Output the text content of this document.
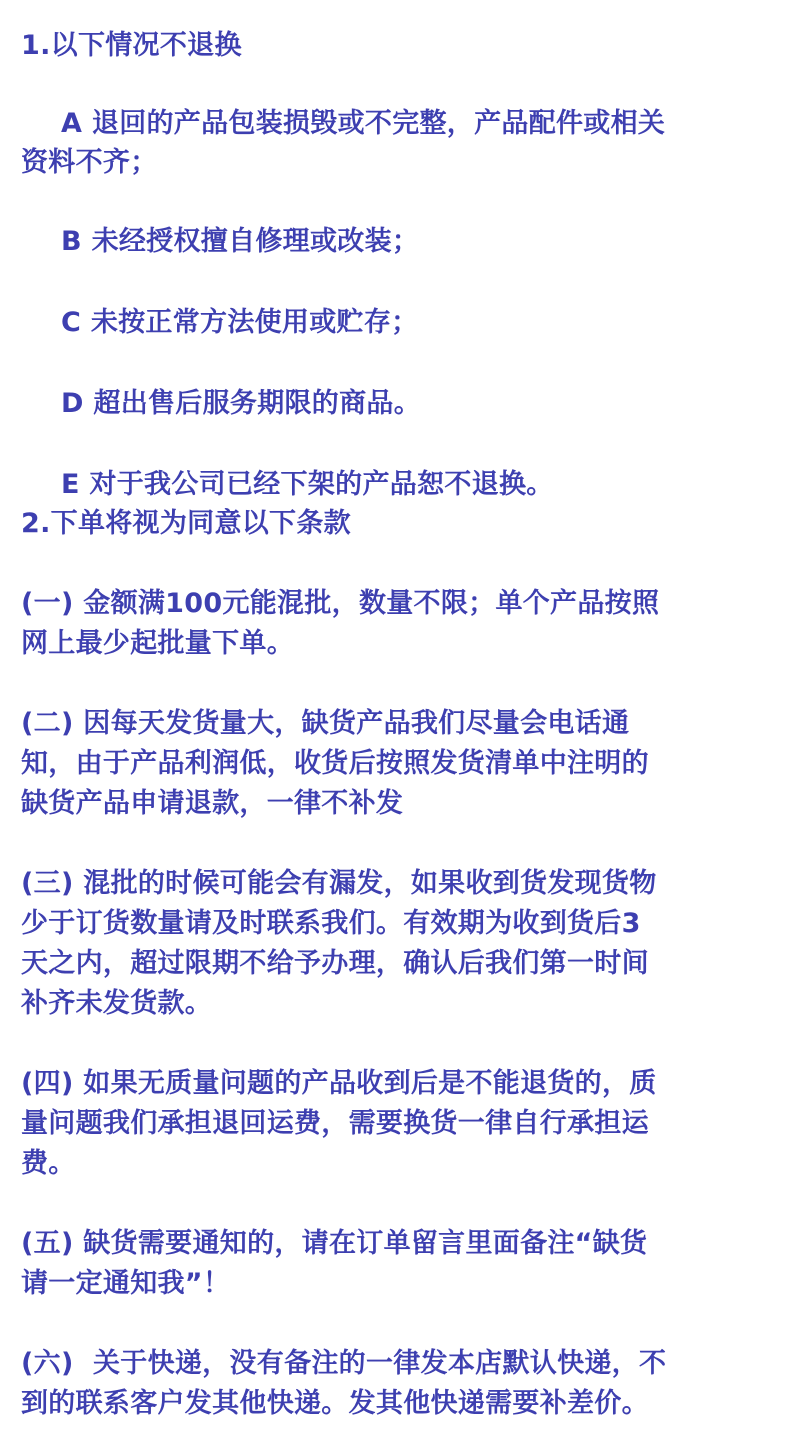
1.以下情况不退换
A 退回的产品包装损毁或不完整，产品配件或相关
资料不齐；
B 未经授权擅自修理或改装；
C 未按正常方法使用或贮存；
D 超出售后服务期限的商品。
E 对于我公司已经下架的产品恕不退换。
2.下单将视为同意以下条款
(一) 金额满100元能混批，数量不限；单个产品按照
网上最少起批量下单。
(二) 因每天发货量大，缺货产品我们尽量会电话通
知，由于产品利润低，收货后按照发货清单中注明的
缺货产品申请退款，一律不补发
(三) 混批的时候可能会有漏发，如果收到货发现货物
少于订货数量请及时联系我们。有效期为收到货后3
天之内，超过限期不给予办理，确认后我们第一时间
补齐未发货款。
(四) 如果无质量问题的产品收到后是不能退货的，质
量问题我们承担退回运费，需要换货一律自行承担运
费。
(五) 缺货需要通知的，请在订单留言里面备注“缺货
请一定通知我”！
(六)  关于快递，没有备注的一律发本店默认快递，不
到的联系客户发其他快递。发其他快递需要补差价。
